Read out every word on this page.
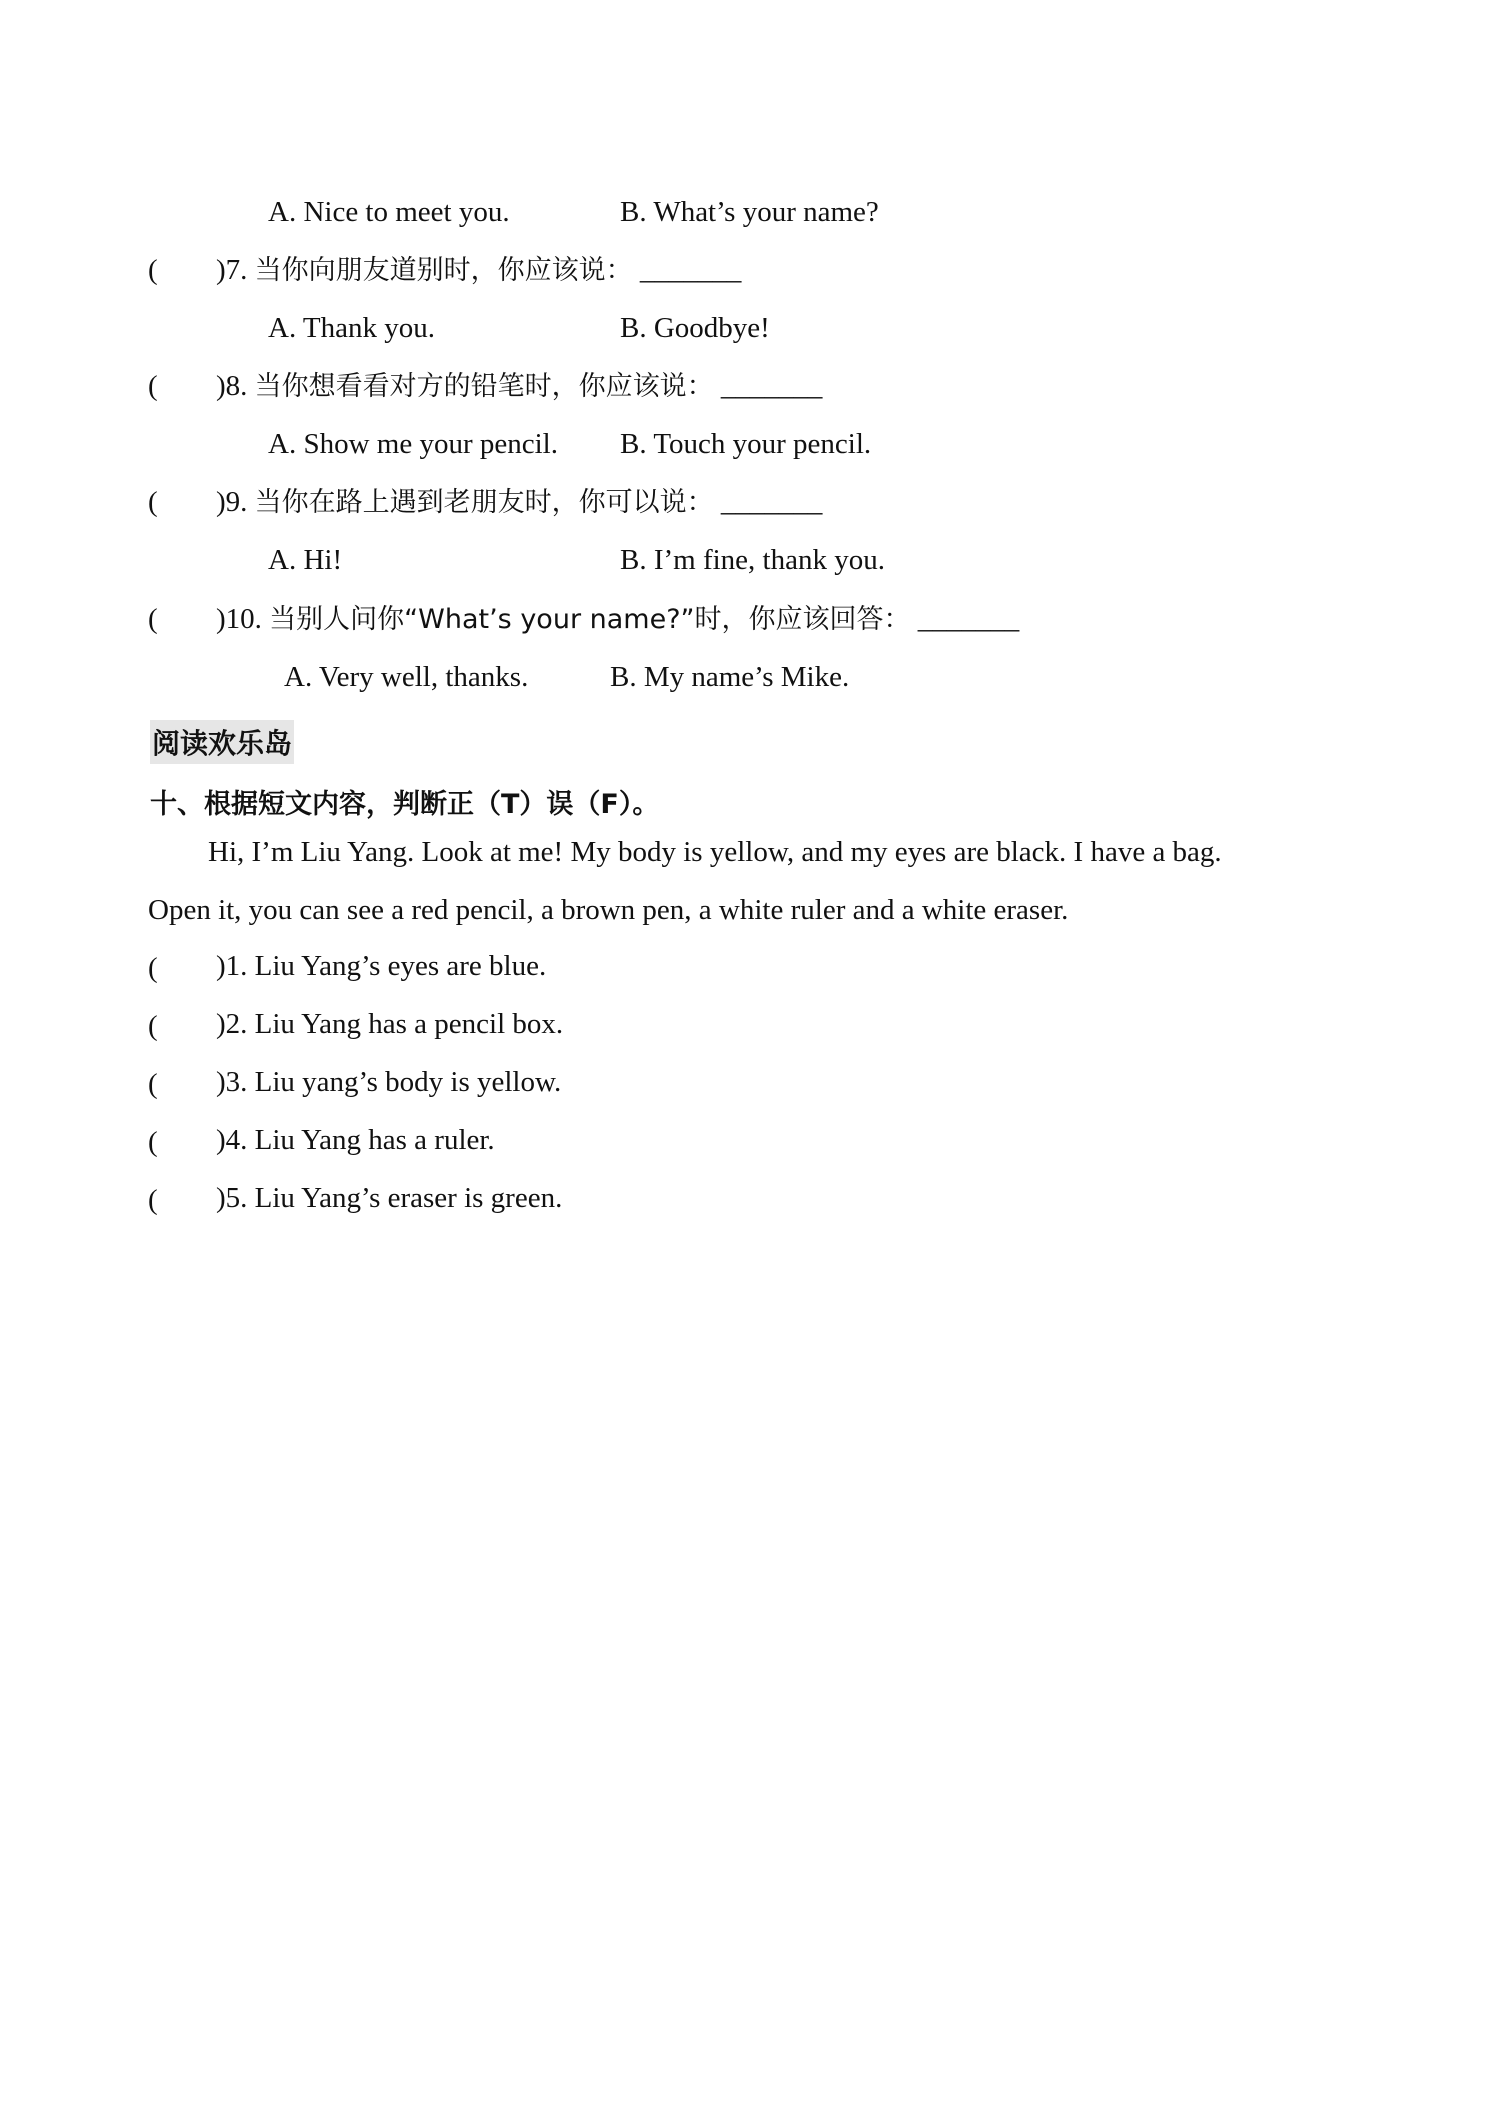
A. Nice to meet you.	B. What’s your name?
( )7. 当你向朋友道别时，你应该说： _______
A. Thank you.	B. Goodbye!
( )8. 当你想看看对方的铅笔时，你应该说： _______
A. Show me your pencil. B. Touch your pencil.
( )9. 当你在路上遇到老朋友时，你可以说： _______
A. Hi!	B. I’m fine, thank you.
( )10. 当别人问你“What’s your name?”时，你应该回答： _______
A. Very well, thanks.	B. My name’s Mike.
阅读欢乐岛
十、根据短文内容，判断正（T）误（F）。
Hi, I’m Liu Yang. Look at me! My body is yellow, and my eyes are black. I have a bag.
Open it, you can see a red pencil, a brown pen, a white ruler and a white eraser.
( )1. Liu Yang’s eyes are blue.
( )2. Liu Yang has a pencil box.
( )3. Liu yang’s body is yellow.
( )4. Liu Yang has a ruler.
( )5. Liu Yang’s eraser is green.
